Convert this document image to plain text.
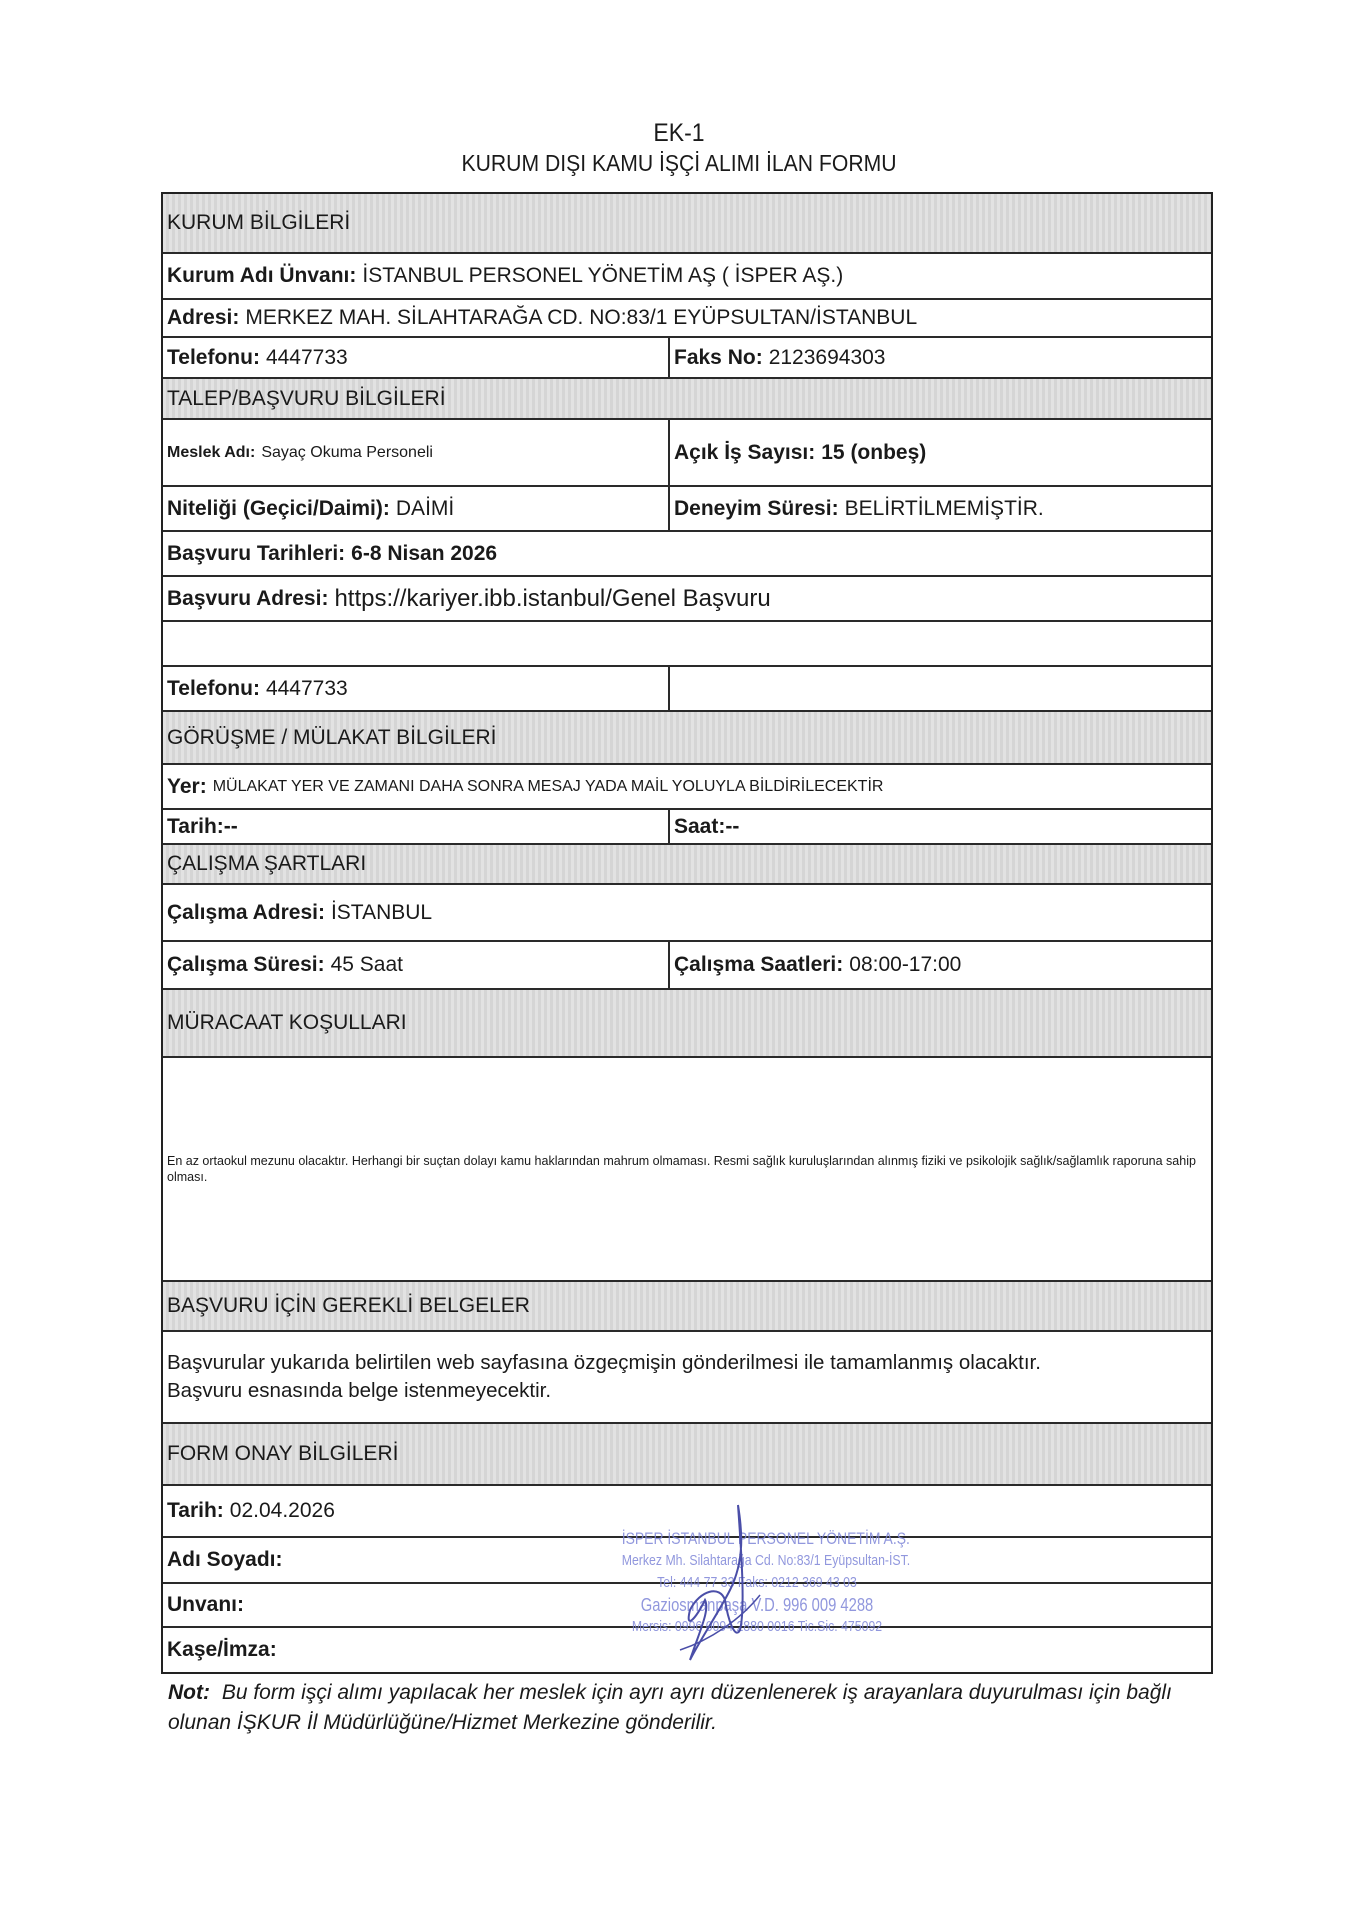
EK-1
KURUM DIŞI KAMU İŞÇİ ALIMI İLAN FORMU
KURUM BİLGİLERİ
Kurum Adı Ünvanı: İSTANBUL PERSONEL YÖNETİM AŞ ( İSPER AŞ.)
Adresi: MERKEZ MAH. SİLAHTARAĞA CD. NO:83/1 EYÜPSULTAN/İSTANBUL
Telefonu: 4447733	Faks No: 2123694303
TALEP/BAŞVURU BİLGİLERİ
Meslek Adı: Sayaç Okuma Personeli	Açık İş Sayısı: 15 (onbeş)
Niteliği (Geçici/Daimi): DAİMİ	Deneyim Süresi: BELİRTİLMEMİŞTİR.
Başvuru Tarihleri: 6-8 Nisan 2026
Başvuru Adresi: https://kariyer.ibb.istanbul/Genel Başvuru
Telefonu: 4447733
GÖRÜŞME / MÜLAKAT BİLGİLERİ
Yer: MÜLAKAT YER VE ZAMANI DAHA SONRA MESAJ YADA MAİL YOLUYLA BİLDİRİLECEKTİR
Tarih: --	Saat: --
ÇALIŞMA ŞARTLARI
Çalışma Adresi: İSTANBUL
Çalışma Süresi: 45 Saat	Çalışma Saatleri: 08:00-17:00
MÜRACAAT KOŞULLARI
En az ortaokul mezunu olacaktır. Herhangi bir suçtan dolayı kamu haklarından mahrum olmaması. Resmi sağlık kuruluşlarından alınmış fiziki ve psikolojik sağlık/sağlamlık raporuna sahip olması.
BAŞVURU İÇİN GEREKLİ BELGELER
Başvurular yukarıda belirtilen web sayfasına özgeçmişin gönderilmesi ile tamamlanmış olacaktır.
Başvuru esnasında belge istenmeyecektir.
FORM ONAY BİLGİLERİ
Tarih: 02.04.2026
Adı Soyadı:
Unvanı:
Kaşe/İmza:
İSPER İSTANBUL PERSONEL YÖNETİM A.Ş.
Merkez Mh. Silahtarağa Cd. No:83/1 Eyüpsultan-İST.
Tel: 444 77 33 Faks: 0212 369 43 03
Gaziosmanpaşa V.D. 996 009 4288
Mersis: 0996 0094 2880 0016 Tic.Sic. 475092
Not: Bu form işçi alımı yapılacak her meslek için ayrı ayrı düzenlenerek iş arayanlara duyurulması için bağlı olunan İŞKUR İl Müdürlüğüne/Hizmet Merkezine gönderilir.
